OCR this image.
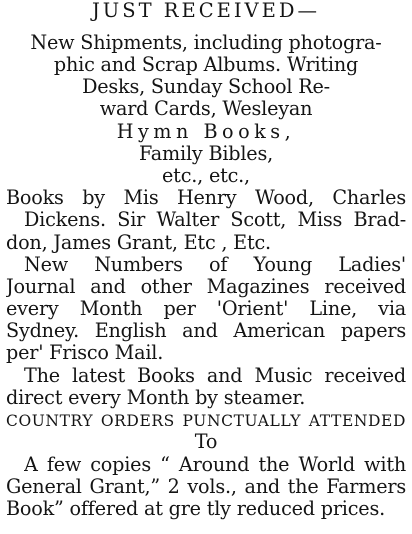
JUST RECEIVED—
New Shipments, including photogra-
phic and Scrap Albums. Writing
Desks, Sunday School Re-
ward Cards, Wesleyan
Hymn Books,
Family Bibles,
etc., etc.,
Books by Mis Henry Wood, Charles
Dickens. Sir Walter Scott, Miss Brad-
don, James Grant, Etc , Etc.
New Numbers of Young Ladies'
Journal and other Magazines received
every Month per 'Orient' Line, via
Sydney. English and American papers
per' Frisco Mail.
The latest Books and Music received
direct every Month by steamer.
COUNTRY ORDERS PUNCTUALLY ATTENDED
To
A few copies “ Around the World with
General Grant,” 2 vols., and the Farmers
Book” offered at gre tly reduced prices.
